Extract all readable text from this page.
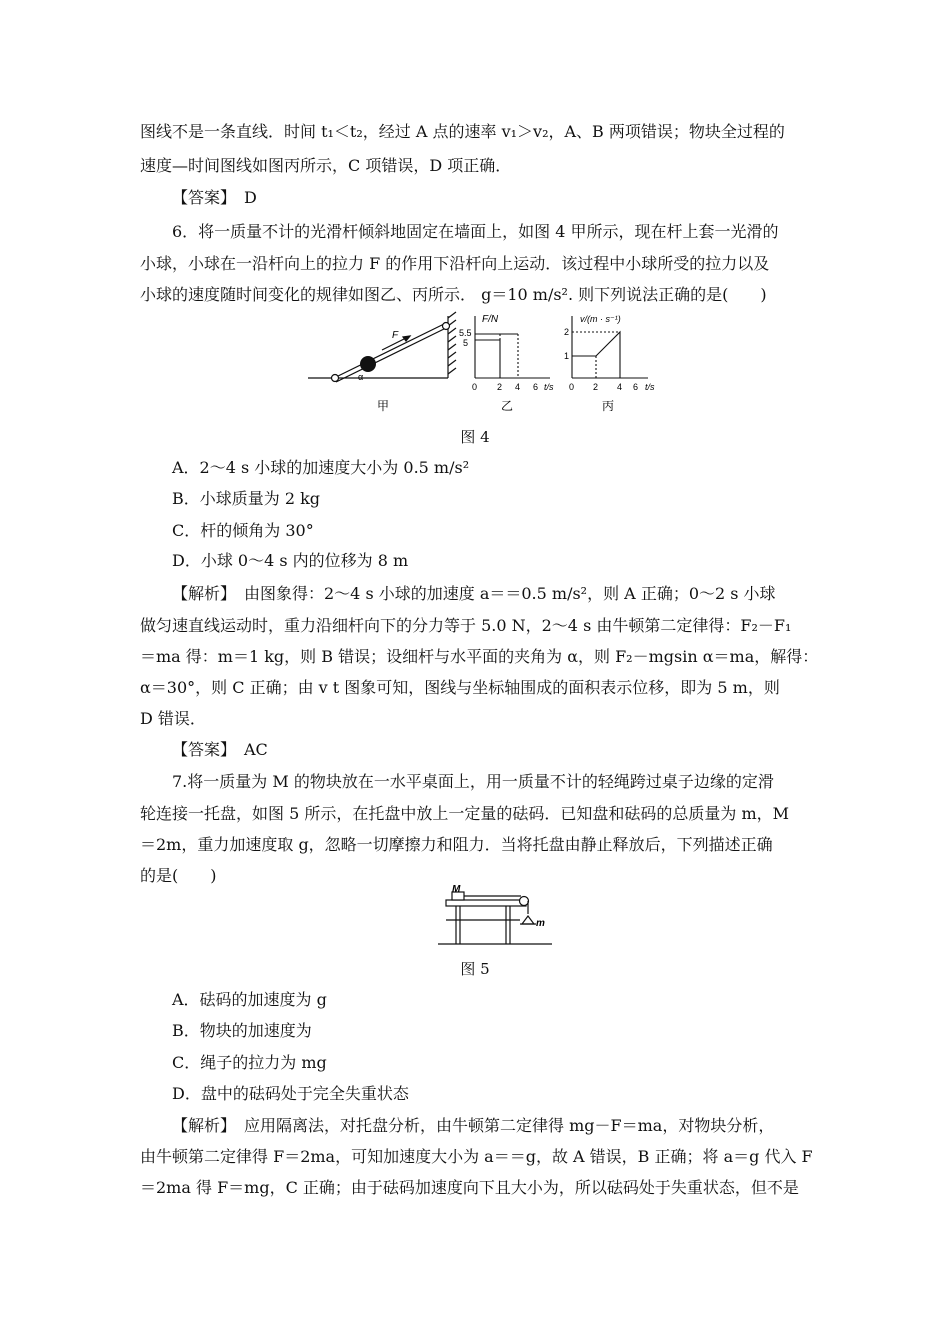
图线不是一条直线．时间 t₁＜t₂，经过 A 点的速率 v₁＞v₂，A、B 两项错误；物块全过程的
速度—时间图线如图丙所示，C 项错误，D 项正确．
【答案】　D
6．将一质量不计的光滑杆倾斜地固定在墙面上，如图 4 甲所示，现在杆上套一光滑的
小球，小球在一沿杆向上的拉力 F 的作用下沿杆向上运动．该过程中小球所受的拉力以及
小球的速度随时间变化的规律如图乙、丙所示． g＝10 m/s². 则下列说法正确的是(　　)
F
α
甲
F/N
5.5
5
0 2 4 6 t/s
乙
v/(m · s⁻¹)
2
1
0 2 4 6 t/s
丙
图 4
A．2～4 s 小球的加速度大小为 0.5 m/s²
B．小球质量为 2 kg
C．杆的倾角为 30°
D．小球 0～4 s 内的位移为 8 m
【解析】　由图象得：2～4 s 小球的加速度 a＝＝0.5 m/s²，则 A 正确；0～2 s 小球
做匀速直线运动时，重力沿细杆向下的分力等于 5.0 N，2～4 s 由牛顿第二定律得：F₂－F₁
＝ma 得：m＝1 kg，则 B 错误；设细杆与水平面的夹角为 α，则 F₂－mgsin α＝ma，解得：
α＝30°，则 C 正确；由 v t 图象可知，图线与坐标轴围成的面积表示位移，即为 5 m，则
D 错误．
【答案】　AC
7.将一质量为 M 的物块放在一水平桌面上，用一质量不计的轻绳跨过桌子边缘的定滑
轮连接一托盘，如图 5 所示，在托盘中放上一定量的砝码．已知盘和砝码的总质量为 m，M
＝2m，重力加速度取 g，忽略一切摩擦力和阻力．当将托盘由静止释放后，下列描述正确
的是(　　)
M
m
图 5
A．砝码的加速度为 g
B．物块的加速度为
C．绳子的拉力为 mg
D．盘中的砝码处于完全失重状态
【解析】　应用隔离法，对托盘分析，由牛顿第二定律得 mg－F＝ma，对物块分析，
由牛顿第二定律得 F＝2ma，可知加速度大小为 a＝＝g，故 A 错误，B 正确；将 a＝g 代入 F
＝2ma 得 F＝mg，C 正确；由于砝码加速度向下且大小为，所以砝码处于失重状态，但不是
